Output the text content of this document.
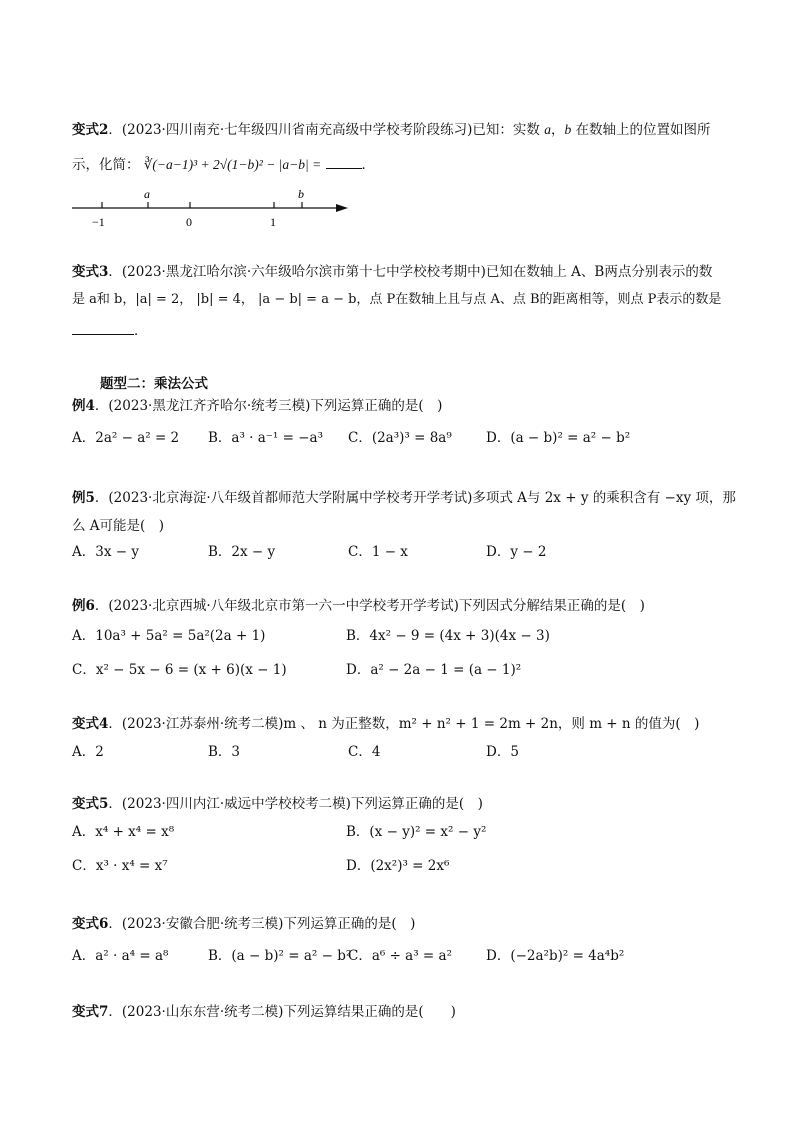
变式2．(2023·四川南充·七年级四川省南充高级中学校考阶段练习)已知：实数 a，b 在数轴上的位置如图所
示，化简： ∛(−a−1)³ + 2√(1−b)² − |a−b| =	．
a	b
−1	0	1
变式3．(2023·黑龙江哈尔滨·六年级哈尔滨市第十七中学校校考期中)已知在数轴上 A、B两点分别表示的数
是 a和 b，|a| = 2， |b| = 4， |a − b| = a − b，点 P在数轴上且与点 A、点 B的距离相等，则点 P表示的数是
．
题型二：乘法公式
例4．(2023·黑龙江齐齐哈尔·统考三模)下列运算正确的是(　)
A．2a² − a² = 2 B．a³ · a⁻¹ = −a³ C．(2a³)³ = 8a⁹	D．(a − b)² = a² − b²
例5．(2023·北京海淀·八年级首都师范大学附属中学校考开学考试)多项式 A与 2x + y 的乘积含有 −xy 项，那
么 A可能是(　)
A．3x − y	B．2x − y	C．1 − x	D．y − 2
例6．(2023·北京西城·八年级北京市第一六一中学校考开学考试)下列因式分解结果正确的是(　)
A．10a³ + 5a² = 5a²(2a + 1)	B．4x² − 9 = (4x + 3)(4x − 3)
C．x² − 5x − 6 = (x + 6)(x − 1)	D．a² − 2a − 1 = (a − 1)²
变式4．(2023·江苏泰州·统考二模)m 、 n 为正整数，m² + n² + 1 = 2m + 2n，则 m + n 的值为(　)
A．2	B．3	C．4	D．5
变式5．(2023·四川内江·威远中学校校考二模)下列运算正确的是(　)
A．x⁴ + x⁴ = x⁸	B．(x − y)² = x² − y²
C．x³ · x⁴ = x⁷	D．(2x²)³ = 2x⁶
变式6．(2023·安徽合肥·统考三模)下列运算正确的是(　)
A．a² · a⁴ = a⁸	B．(a − b)² = a² − b²
C．a⁶ ÷ a³ = a²	D．(−2a²b)² = 4a⁴b²
变式7．(2023·山东东营·统考二模)下列运算结果正确的是(　　)
